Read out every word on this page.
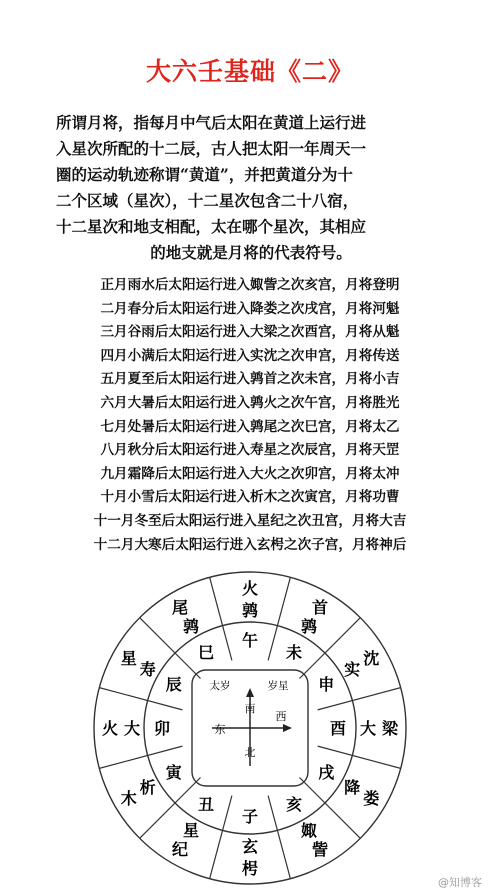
大六壬基础《二》

所谓月将，指每月中气后太阳在黄道上运行进

入星次所配的十二辰，古人把太阳一年周天一

圈的运动轨迹称谓“黄道”，并把黄道分为十

二个区域（星次），十二星次包含二十八宿，

十二星次和地支相配，太在哪个星次，其相应

的地支就是月将的代表符号。

正月雨水后太阳运行进入娵訾之次亥宫，月将登明
二月春分后太阳运行进入降娄之次戌宫，月将河魁
三月谷雨后太阳运行进入大梁之次酉宫，月将从魁
四月小满后太阳运行进入实沈之次申宫，月将传送
五月夏至后太阳运行进入鹑首之次未宫，月将小吉
六月大暑后太阳运行进入鹑火之次午宫，月将胜光
七月处暑后太阳运行进入鹑尾之次巳宫，月将太乙
八月秋分后太阳运行进入寿星之次辰宫，月将天罡
九月霜降后太阳运行进入大火之次卯宫，月将太冲
十月小雪后太阳运行进入析木之次寅宫，月将功曹
十一月冬至后太阳运行进入星纪之次丑宫，月将大吉
十二月大寒后太阳运行进入玄枵之次子宫，月将神后
子
丑
寅
卯
辰
巳
午
未
申
酉
戌
亥
玄
枵
星
纪
析
木
大
火
寿
星
鹑
尾	鹑
火
鹑
首
实
沈
大 梁
降
娄
娵
訾
南
北
东
西
太岁	岁星
@知博客
